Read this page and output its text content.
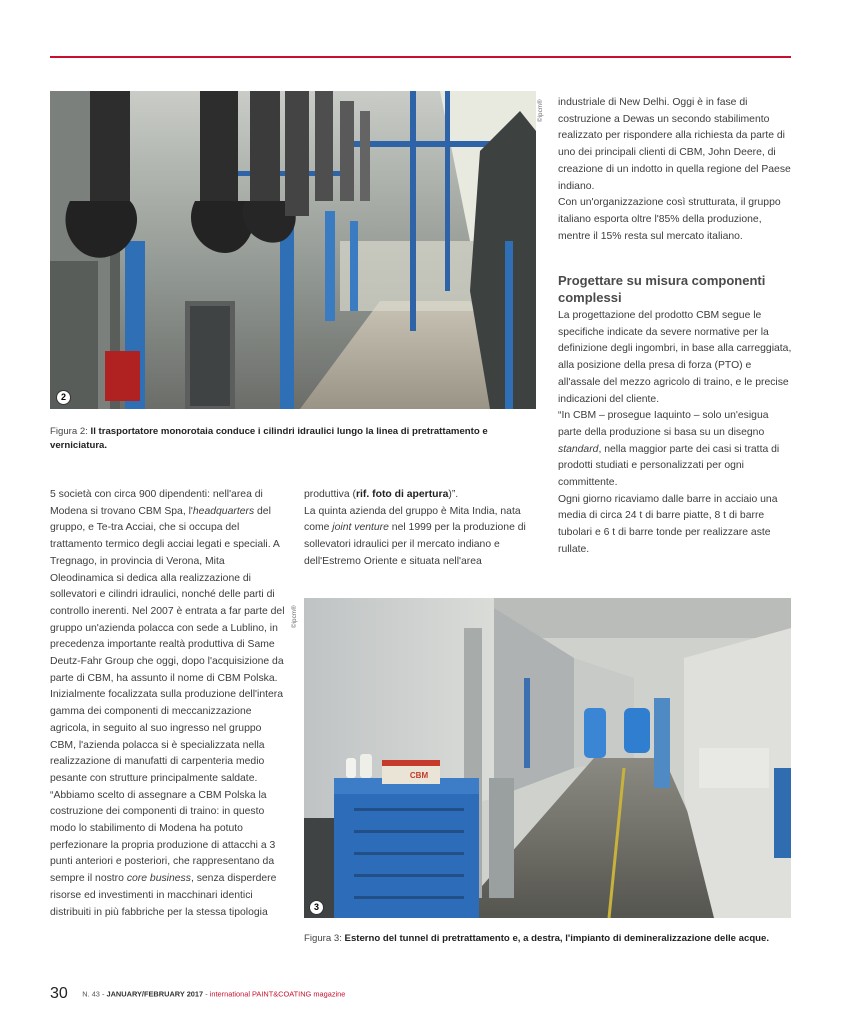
©ipcm®
2
Figura 2: Il trasportatore monorotaia conduce i cilindri idraulici lungo la linea di pretrattamento e verniciatura.

5 società con circa 900 dipendenti: nell'area di Modena si trovano CBM Spa, l'headquarters del gruppo, e Te-tra Acciai, che si occupa del trattamento termico degli acciai legati e speciali. A Tregnago, in provincia di Verona, Mita Oleodinamica si dedica alla realizzazione di sollevatori e cilindri idraulici, nonché delle parti di controllo inerenti. Nel 2007 è entrata a far parte del gruppo un'azienda polacca con sede a Lublino, in precedenza importante realtà produttiva di Same Deutz-Fahr Group che oggi, dopo l'acquisizione da parte di CBM, ha assunto il nome di CBM Polska. Inizialmente focalizzata sulla produzione dell'intera gamma dei componenti di meccanizzazione agricola, in seguito al suo ingresso nel gruppo CBM, l'azienda polacca si è specializzata nella realizzazione di manufatti di carpenteria medio pesante con strutture principalmente saldate.

“Abbiamo scelto di assegnare a CBM Polska la costruzione dei componenti di traino: in questo modo lo stabilimento di Modena ha potuto perfezionare la propria produzione di attacchi a 3 punti anteriori e posteriori, che rappresentano da sempre il nostro core business, senza disperdere risorse ed investimenti in macchinari identici distribuiti in più fabbriche per la stessa tipologia

produttiva (rif. foto di apertura)”.

La quinta azienda del gruppo è Mita India, nata come joint venture nel 1999 per la produzione di sollevatori idraulici per il mercato indiano e dell'Estremo Oriente e situata nell'area

industriale di New Delhi. Oggi è in fase di costruzione a Dewas un secondo stabilimento realizzato per rispondere alla richiesta da parte di uno dei principali clienti di CBM, John Deere, di creazione di un indotto in quella regione del Paese indiano.

Con un'organizzazione così strutturata, il gruppo italiano esporta oltre l'85% della produzione, mentre il 15% resta sul mercato italiano.

Progettare su misura componenti complessi

La progettazione del prodotto CBM segue le specifiche indicate da severe normative per la definizione degli ingombri, in base alla carreggiata, alla posizione della presa di forza (PTO) e all'assale del mezzo agricolo di traino, e le precise indicazioni del cliente.

“In CBM – prosegue Iaquinto – solo un'esigua parte della produzione si basa su un disegno standard, nella maggior parte dei casi si tratta di prodotti studiati e personalizzati per ogni committente.

Ogni giorno ricaviamo dalle barre in acciaio una media di circa 24 t di barre piatte, 8 t di barre tubolari e 6 t di barre tonde per realizzare aste rullate.

CBM
©ipcm®
3
Figura 3: Esterno del tunnel di pretrattamento e, a destra, l'impianto di demineralizzazione delle acque.
30 N. 43 - JANUARY/FEBRUARY 2017 - international PAINT&COATING magazine
